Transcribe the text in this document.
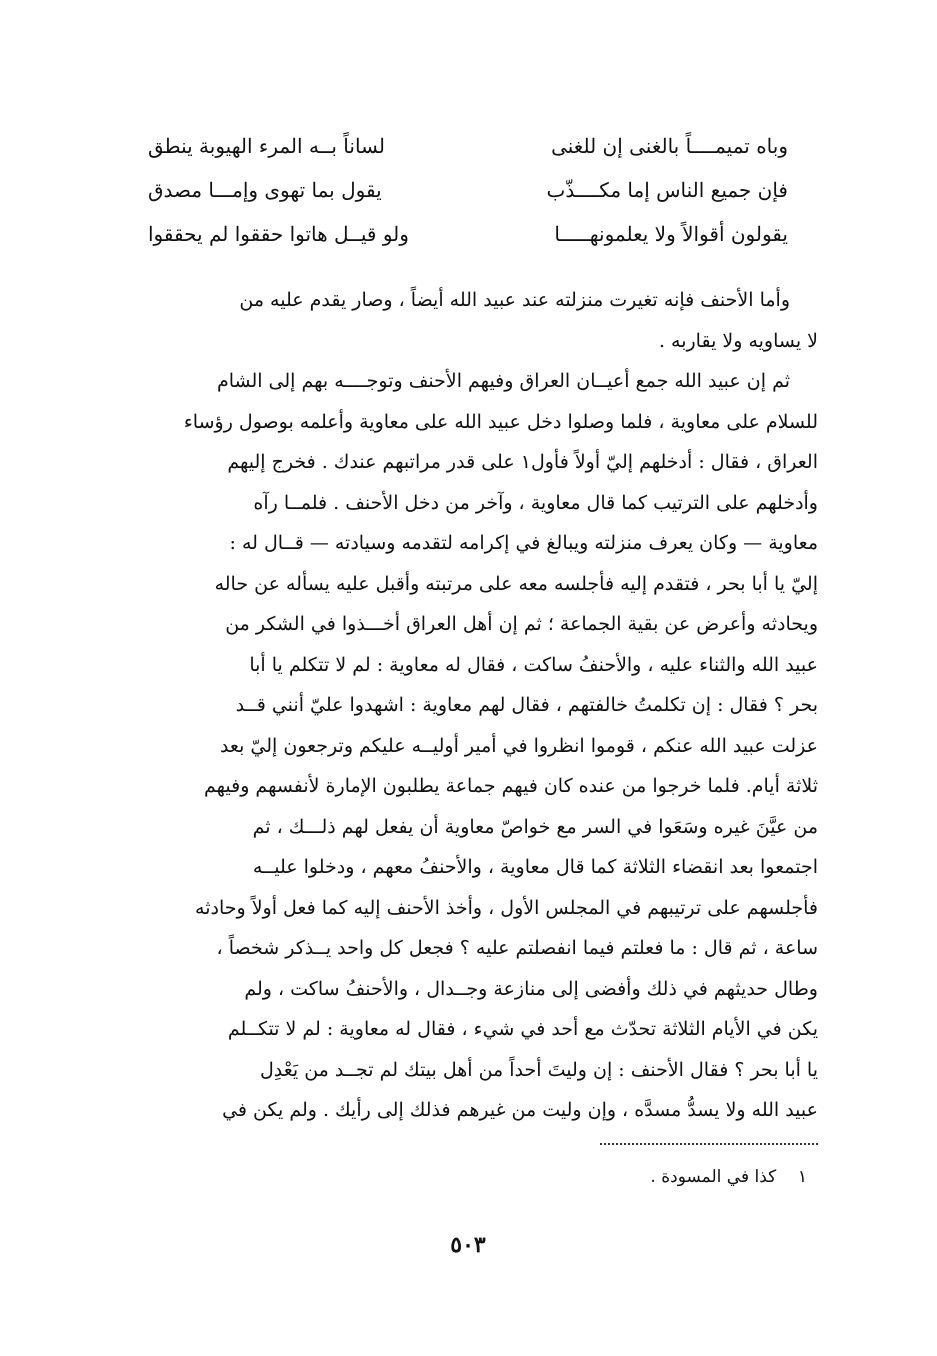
وباه تميمــــاً بالغنى إن للغنى
لساناً بــه المرء الهيوبة ينطق
فإن جميع الناس إما مكــــذّب
يقول بما تهوى وإمـــا مصدق
يقولون أقوالاً ولا يعلمونهـــــا
ولو قيــل هاتوا حققوا لم يحققوا
وأما الأحنف فإنه تغيرت منزلته عند عبيد الله أيضاً ، وصار يقدم عليه من
لا يساويه ولا يقاربه .
ثم إن عبيد الله جمع أعيــان العراق وفيهم الأحنف وتوجــــه بهم إلى الشام
للسلام على معاوية ، فلما وصلوا دخل عبيد الله على معاوية وأعلمه بوصول رؤساء
العراق ، فقال : أدخلهم إليّ أولاً فأول١ على قدر مراتبهم عندك . فخرج إليهم
وأدخلهم على الترتيب كما قال معاوية ، وآخر من دخل الأحنف . فلمــا رآه
معاوية — وكان يعرف منزلته ويبالغ في إكرامه لتقدمه وسيادته — قــال له :
إليّ يا أبا بحر ، فتقدم إليه فأجلسه معه على مرتبته وأقبل عليه يسأله عن حاله
ويحادثه وأعرض عن بقية الجماعة ؛ ثم إن أهل العراق أخـــذوا في الشكر من
عبيد الله والثناء عليه ، والأحنفُ ساكت ، فقال له معاوية : لم لا تتكلم يا أبا
بحر ؟ فقال : إن تكلمتُ خالفتهم ، فقال لهم معاوية : اشهدوا عليّ أنني قــد
عزلت عبيد الله عنكم ، قوموا انظروا في أمير أوليــه عليكم وترجعون إليّ بعد
ثلاثة أيام. فلما خرجوا من عنده كان فيهم جماعة يطلبون الإمارة لأنفسهم وفيهم
من عيَّنَ غيره وسَعَوا في السر مع خواصّ معاوية أن يفعل لهم ذلـــك ، ثم
اجتمعوا بعد انقضاء الثلاثة كما قال معاوية ، والأحنفُ معهم ، ودخلوا عليــه
فأجلسهم على ترتيبهم في المجلس الأول ، وأخذ الأحنف إليه كما فعل أولاً وحادثه
ساعة ، ثم قال : ما فعلتم فيما انفصلتم عليه ؟ فجعل كل واحد يــذكر شخصاً ،
وطال حديثهم في ذلك وأفضى إلى منازعة وجــدال ، والأحنفُ ساكت ، ولم
يكن في الأيام الثلاثة تحدّث مع أحد في شيء ، فقال له معاوية : لم لا تتكــلم
يا أبا بحر ؟ فقال الأحنف : إن وليتَ أحداً من أهل بيتك لم تجــد من يَعْدِل
عبيد الله ولا يسدُّ مسدَّه ، وإن وليت من غيرهم فذلك إلى رأيك . ولم يكن في
١    كذا في المسودة .
٥٠٣
